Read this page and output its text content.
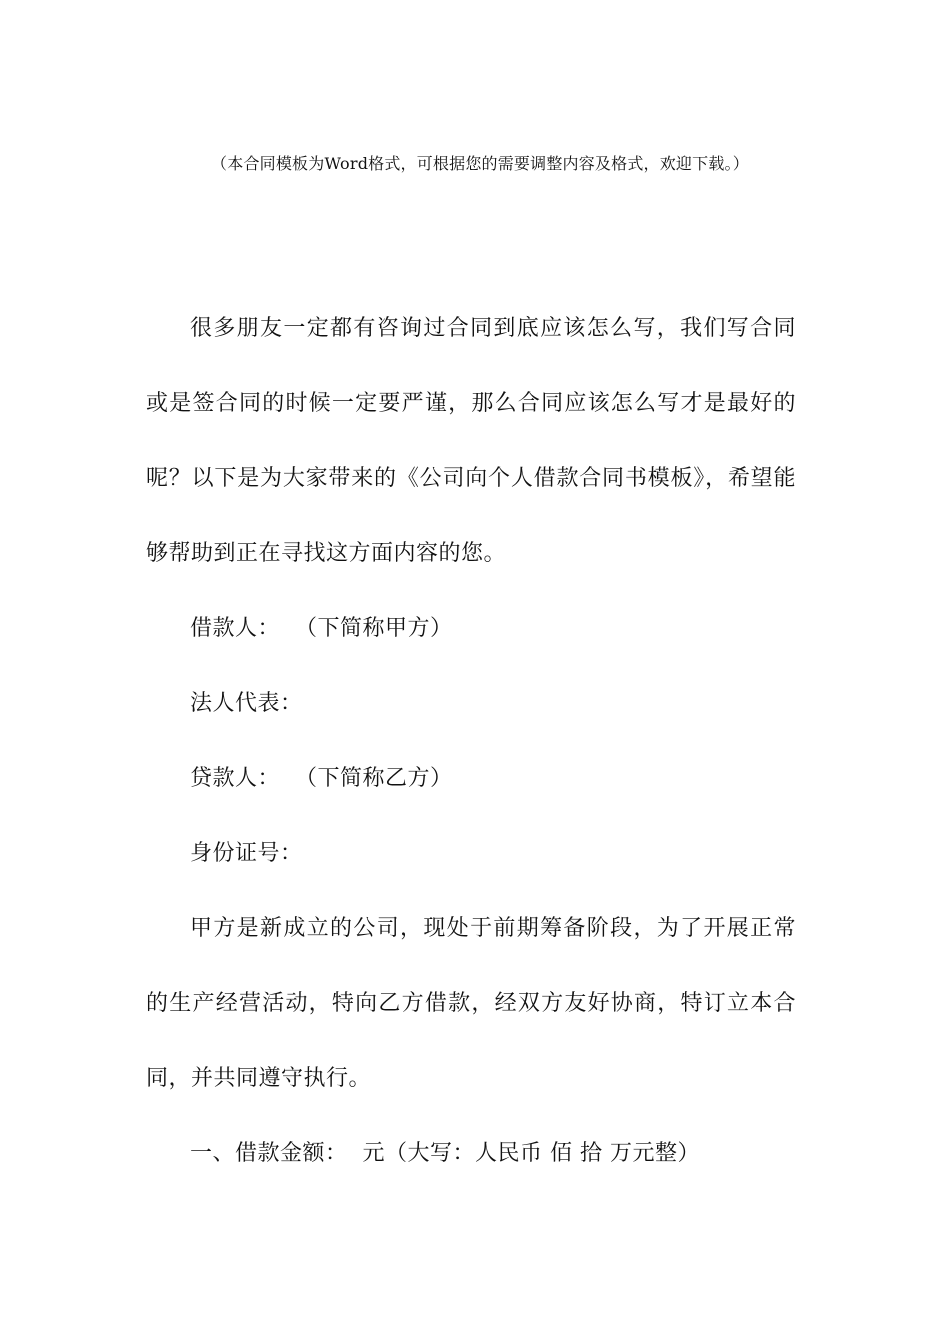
（本合同模板为Word格式，可根据您的需要调整内容及格式，欢迎下载。）

很多朋友一定都有咨询过合同到底应该怎么写，我们写合同或是签合同的时候一定要严谨，那么合同应该怎么写才是最好的呢？以下是为大家带来的《公司向个人借款合同书模板》，希望能够帮助到正在寻找这方面内容的您。

借款人：  （下简称甲方）

法人代表：

贷款人：  （下简称乙方）

身份证号：

甲方是新成立的公司，现处于前期筹备阶段，为了开展正常的生产经营活动，特向乙方借款，经双方友好协商，特订立本合同，并共同遵守执行。

一、借款金额：  元（大写：人民币 佰 拾 万元整）
